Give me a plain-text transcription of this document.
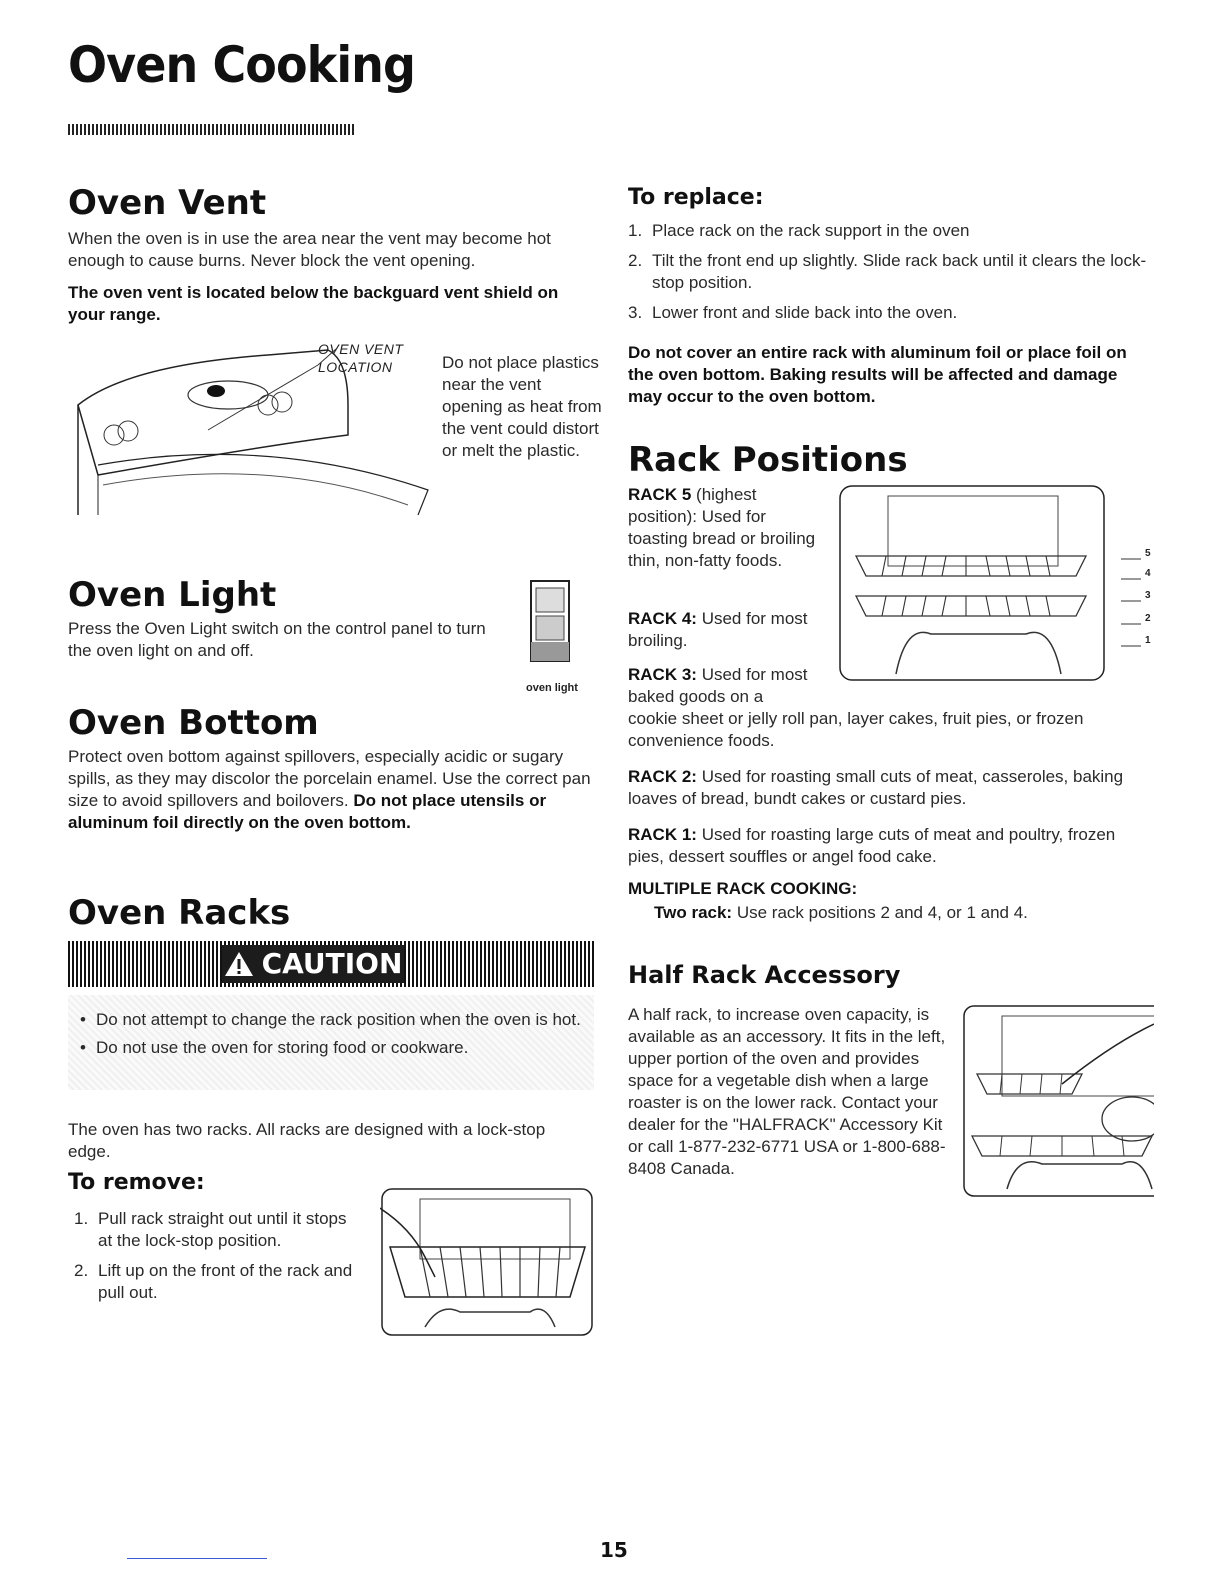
Oven Cooking
Oven Vent

When the oven is in use the area near the vent may become hot enough to cause burns. Never block the vent opening.

The oven vent is located below the backguard vent shield on your range.

OVEN VENT LOCATION	Do not place plastics near the vent opening as heat from the vent could distort or melt the plastic.

Oven Light

Press the Oven Light switch on the control panel to turn the oven light on and off.

oven light
Oven Bottom

Protect oven bottom against spillovers, especially acidic or sugary spills, as they may discolor the porcelain enamel. Use the correct pan size to avoid spillovers and boilovers. Do not place utensils or aluminum foil directly on the oven bottom.

Oven Racks
CAUTION
• Do not attempt to change the rack position when the oven is hot.
• Do not use the oven for storing food or cookware.

The oven has two racks. All racks are designed with a lock-stop edge.

To remove:
1. Pull rack straight out until it stops at the lock-stop position.
2. Lift up on the front of the rack and pull out.
To replace:
1. Place rack on the rack support in the oven
2. Tilt the front end up slightly. Slide rack back until it clears the lock-stop position.
3. Lower front and slide back into the oven.

Do not cover an entire rack with aluminum foil or place foil on the oven bottom. Baking results will be affected and damage may occur to the oven bottom.

Rack Positions

RACK 5 (highest position): Used for toasting bread or broiling thin, non-fatty foods.

RACK 4: Used for most broiling.

RACK 3: Used for most baked goods on a

cookie sheet or jelly roll pan, layer cakes, fruit pies, or frozen convenience foods.

5
4
3
2
1

RACK 2: Used for roasting small cuts of meat, casseroles, baking loaves of bread, bundt cakes or custard pies.

RACK 1: Used for roasting large cuts of meat and poultry, frozen pies, dessert souffles or angel food cake.

MULTIPLE RACK COOKING:

Two rack: Use rack positions 2 and 4, or 1 and 4.

Half Rack Accessory

A half rack, to increase oven capacity, is available as an accessory. It fits in the left, upper portion of the oven and provides space for a vegetable dish when a large roaster is on the lower rack. Contact your dealer for the "HALFRACK" Accessory Kit or call 1-877-232-6771 USA or 1-800-688-8408 Canada.

15
